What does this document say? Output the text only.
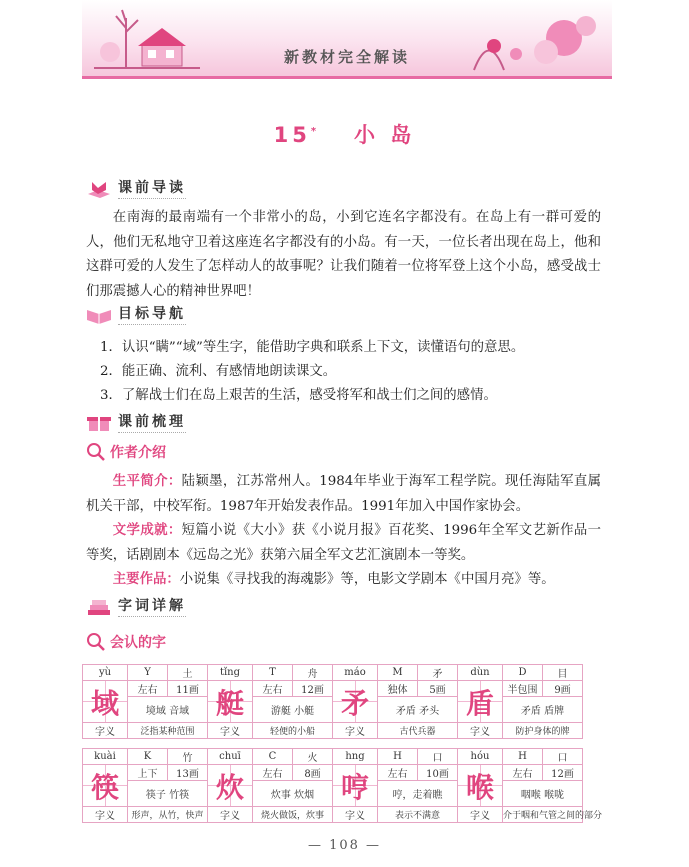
新教材完全解读
15* 小 岛
课前导读
在南海的最南端有一个非常小的岛，小到它连名字都没有。在岛上有一群可爱的人，他们无私地守卫着这座连名字都没有的小岛。有一天，一位长者出现在岛上，他和这群可爱的人发生了怎样动人的故事呢？让我们随着一位将军登上这个小岛，感受战士们那震撼人心的精神世界吧！
目标导航
1．认识“瞒”“域”等生字，能借助字典和联系上下文，读懂语句的意思。
2．能正确、流利、有感情地朗读课文。
3．了解战士们在岛上艰苦的生活，感受将军和战士们之间的感情。
课前梳理
作者介绍
生平简介：陆颖墨，江苏常州人。1984年毕业于海军工程学院。现任海陆军直属机关干部，中校军衔。1987年开始发表作品。1991年加入中国作家协会。
文学成就：短篇小说《大小》获《小说月报》百花奖、1996年全军文艺新作品一等奖，话剧剧本《远岛之光》获第六届全军文艺汇演剧本一等奖。
主要作品：小说集《寻找我的海魂影》等，电影文学剧本《中国月亮》等。
字词详解
会认的字
yù	Y	土	tǐng	T	舟	máo	M	矛	dùn	D	目
域	左右	11画	艇	左右	12画	矛	独体	5画	盾	半包围	9画
	境域 音域			游艇 小艇			矛盾 矛头			矛盾 盾牌	
字义	泛指某种范围		字义	轻便的小船		字义	古代兵器		字义	防护身体的牌	
kuài	K	竹	chuī	C	火	hng	H	口	hóu	H	口
筷	上下	13画	炊	左右	8画	哼	左右	10画	喉	左右	12画
	筷子 竹筷			炊事 炊烟			哼，走着瞧			咽喉 喉咙	
字义	形声，从竹，快声		字义	烧火做饭，炊事		字义	表示不满意		字义	介于咽和气管之间的部分	
— 108 —
